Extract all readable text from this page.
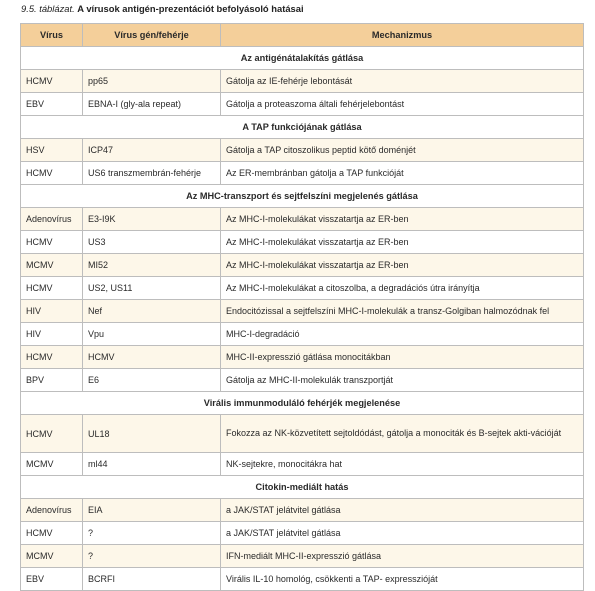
9.5. táblázat. A vírusok antigén-prezentációt befolyásoló hatásai
Vírus	Vírus gén/fehérje	Mechanizmus
Az antigénátalakítás gátlása		
HCMV	pp65	Gátolja az IE-fehérje lebontását
EBV	EBNA-I (gly-ala repeat)	Gátolja a proteaszoma általi fehérjelebontást
A TAP funkciójának gátlása		
HSV	ICP47	Gátolja a TAP citoszolikus peptid kötő doménjét
HCMV	US6 transzmembrán-fehérje	Az ER-membránban gátolja a TAP funkcióját
Az MHC-transzport és sejtfelszíni megjelenés gátlása		
Adenovírus	E3-I9K	Az MHC-I-molekulákat visszatartja az ER-ben
HCMV	US3	Az MHC-I-molekulákat visszatartja az ER-ben
MCMV	MI52	Az MHC-I-molekulákat visszatartja az ER-ben
HCMV	US2, US11	Az MHC-I-molekulákat a citoszolba, a degradációs útra irányítja
HIV	Nef	Endocitózissal a sejtfelszíni MHC-I-molekulák a transz-Golgiban halmozódnak fel
HIV	Vpu	MHC-I-degradáció
HCMV	HCMV	MHC-II-expresszió gátlása monocitákban
BPV	E6	Gátolja az MHC-II-molekulák transzportját
Virális immunmoduláló fehérjék megjelenése		
HCMV	UL18	Fokozza az NK-közvetített sejtoldódást, gátolja a monociták és B-sejtek akti-vációját
MCMV	ml44	NK-sejtekre, monocitákra hat
Citokin-mediált hatás		
Adenovírus	EIA	a JAK/STAT jelátvitel gátlása
HCMV	?	a JAK/STAT jelátvitel gátlása
MCMV	?	IFN-mediált MHC-II-expresszió gátlása
EBV	BCRFI	Virális IL-10 homológ, csökkenti a TAP- expresszióját
